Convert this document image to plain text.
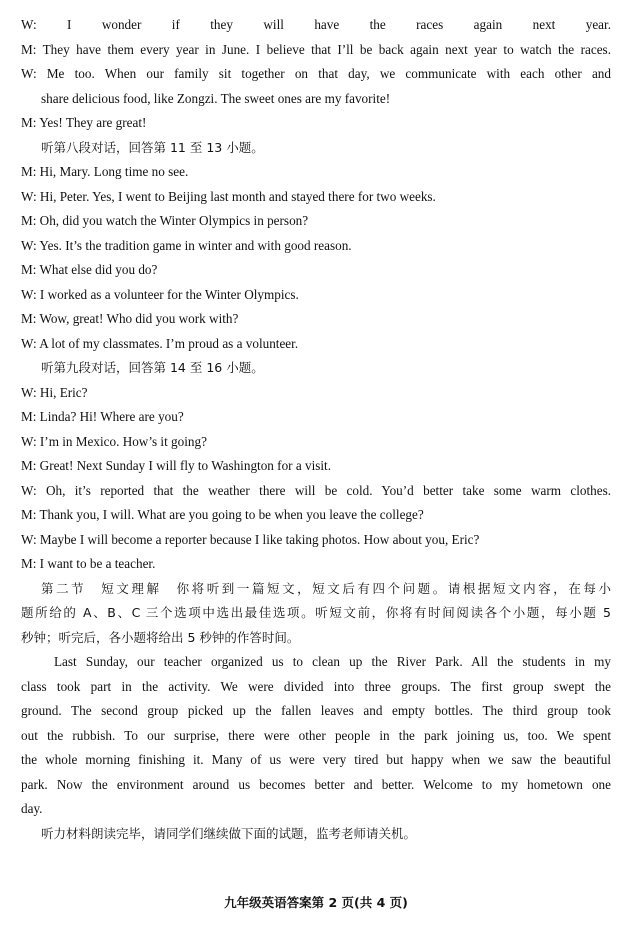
W: I wonder if they will have the races again next year.
M: They have them every year in June. I believe that I’ll be back again next year to watch the races.
W: Me too. When our family sit together on that day, we communicate with each other and
share delicious food, like Zongzi. The sweet ones are my favorite!
M: Yes! They are great!
听第八段对话，回答第 11 至 13 小题。
M: Hi, Mary. Long time no see.
W: Hi, Peter. Yes, I went to Beijing last month and stayed there for two weeks.
M: Oh, did you watch the Winter Olympics in person?
W: Yes. It’s the tradition game in winter and with good reason.
M: What else did you do?
W: I worked as a volunteer for the Winter Olympics.
M: Wow, great! Who did you work with?
W: A lot of my classmates. I’m proud as a volunteer.
听第九段对话，回答第 14 至 16 小题。
W: Hi, Eric?
M: Linda? Hi! Where are you?
W: I’m in Mexico. How’s it going?
M: Great! Next Sunday I will fly to Washington for a visit.
W: Oh, it’s reported that the weather there will be cold. You’d better take some warm clothes.
M: Thank you, I will. What are you going to be when you leave the college?
W: Maybe I will become a reporter because I like taking photos. How about you, Eric?
M: I want to be a teacher.
第二节　短文理解　你将听到一篇短文，短文后有四个问题。请根据短文内容，在每小
题所给的 A、B、C 三个选项中选出最佳选项。听短文前，你将有时间阅读各个小题，每小题 5
秒钟；听完后，各小题将给出 5 秒钟的作答时间。
Last Sunday, our teacher organized us to clean up the River Park. All the students in my
class took part in the activity. We were divided into three groups. The first group swept the
ground. The second group picked up the fallen leaves and empty bottles. The third group took
out the rubbish. To our surprise, there were other people in the park joining us, too. We spent
the whole morning finishing it. Many of us were very tired but happy when we saw the beautiful
park. Now the environment around us becomes better and better. Welcome to my hometown one
day.
听力材料朗读完毕，请同学们继续做下面的试题，监考老师请关机。
九年级英语答案第 2 页(共 4 页)
